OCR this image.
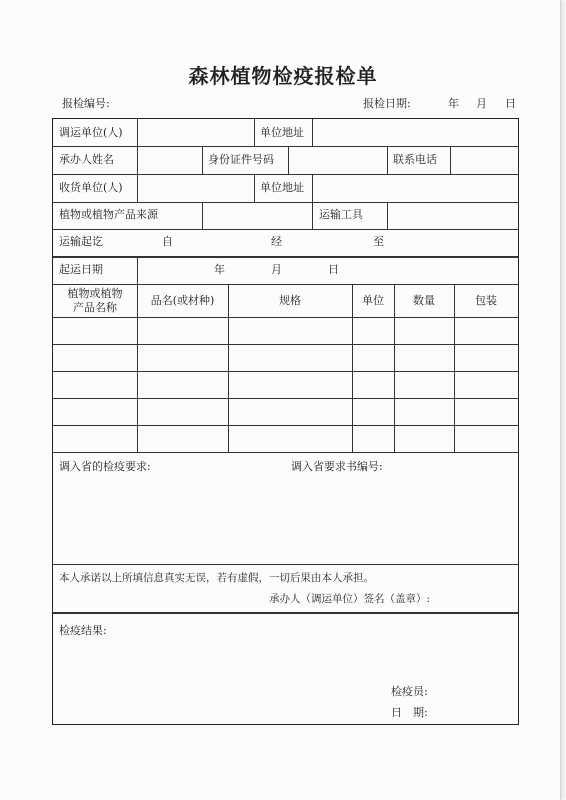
森林植物检疫报检单
报检编号:	报检日期:	年 月 日
调运单位(人)	单位地址
承办人姓名	身份证件号码	联系电话
收货单位(人)	单位地址
植物或植物产品来源	运输工具
运输起讫	自	经	至
起运日期	年	月	日
植物或植物
产品名称
品名(或材种)	规格	单位	数量	包装
调入省的检疫要求:	调入省要求书编号:
本人承诺以上所填信息真实无误，若有虚假，一切后果由本人承担。
承办人（调运单位）签名（盖章）:
检疫结果:
检疫员:
日　期:
